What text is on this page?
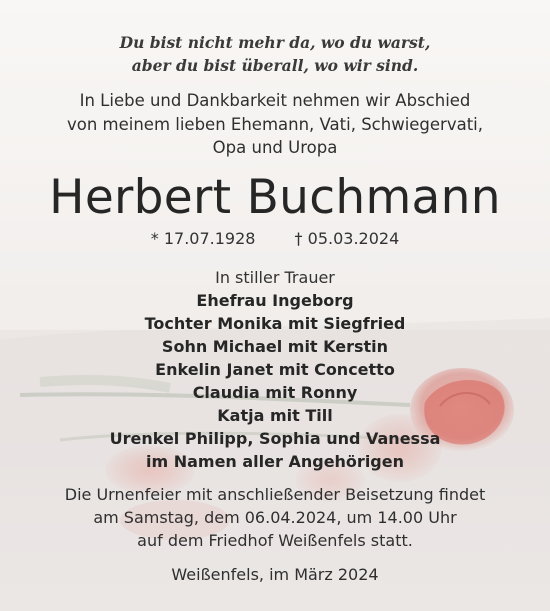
Du bist nicht mehr da, wo du warst,
aber du bist überall, wo wir sind.
In Liebe und Dankbarkeit nehmen wir Abschied
von meinem lieben Ehemann, Vati, Schwiegervati,
Opa und Uropa
Herbert Buchmann
* 17.07.1928 † 05.03.2024
In stiller Trauer
Ehefrau Ingeborg
Tochter Monika mit Siegfried
Sohn Michael mit Kerstin
Enkelin Janet mit Concetto
Claudia mit Ronny
Katja mit Till
Urenkel Philipp, Sophia und Vanessa
im Namen aller Angehörigen
Die Urnenfeier mit anschließender Beisetzung findet
am Samstag, dem 06.04.2024, um 14.00 Uhr
auf dem Friedhof Weißenfels statt.
Weißenfels, im März 2024
